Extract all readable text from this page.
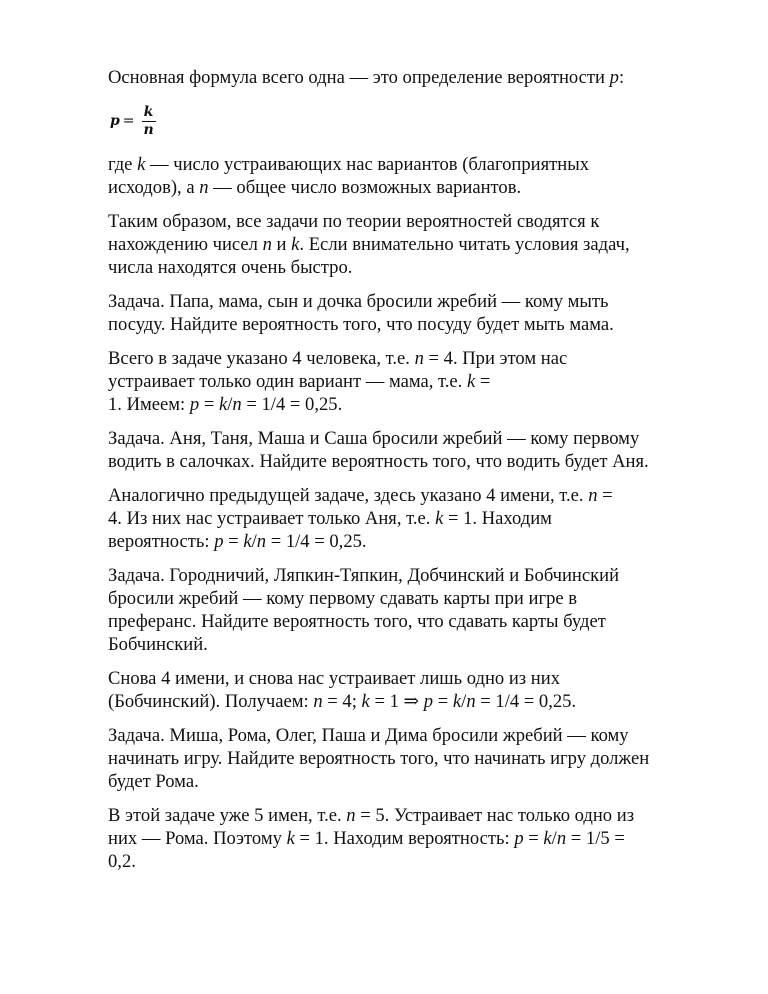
Основная формула всего одна — это определение вероятности p:

$p = \frac{k}{n}$

где k — число устраивающих нас вариантов (благоприятных
исходов), а n — общее число возможных вариантов.

Таким образом, все задачи по теории вероятностей сводятся к
нахождению чисел n и k. Если внимательно читать условия задач,
числа находятся очень быстро.

Задача. Папа, мама, сын и дочка бросили жребий — кому мыть
посуду. Найдите вероятность того, что посуду будет мыть мама.

Всего в задаче указано 4 человека, т.е. n = 4. При этом нас
устраивает только один вариант — мама, т.е. k =
1. Имеем: p = k/n = 1/4 = 0,25.

Задача. Аня, Таня, Маша и Саша бросили жребий — кому первому
водить в салочках. Найдите вероятность того, что водить будет Аня.

Аналогично предыдущей задаче, здесь указано 4 имени, т.е. n =
4. Из них нас устраивает только Аня, т.е. k = 1. Находим
вероятность: p = k/n = 1/4 = 0,25.

Задача. Городничий, Ляпкин-Тяпкин, Добчинский и Бобчинский
бросили жребий — кому первому сдавать карты при игре в
преферанс. Найдите вероятность того, что сдавать карты будет
Бобчинский.

Снова 4 имени, и снова нас устраивает лишь одно из них
(Бобчинский). Получаем: n = 4; k = 1 ⇒ p = k/n = 1/4 = 0,25.

Задача. Миша, Рома, Олег, Паша и Дима бросили жребий — кому
начинать игру. Найдите вероятность того, что начинать игру должен
будет Рома.

В этой задаче уже 5 имен, т.е. n = 5. Устраивает нас только одно из
них — Рома. Поэтому k = 1. Находим вероятность: p = k/n = 1/5 =
0,2.
